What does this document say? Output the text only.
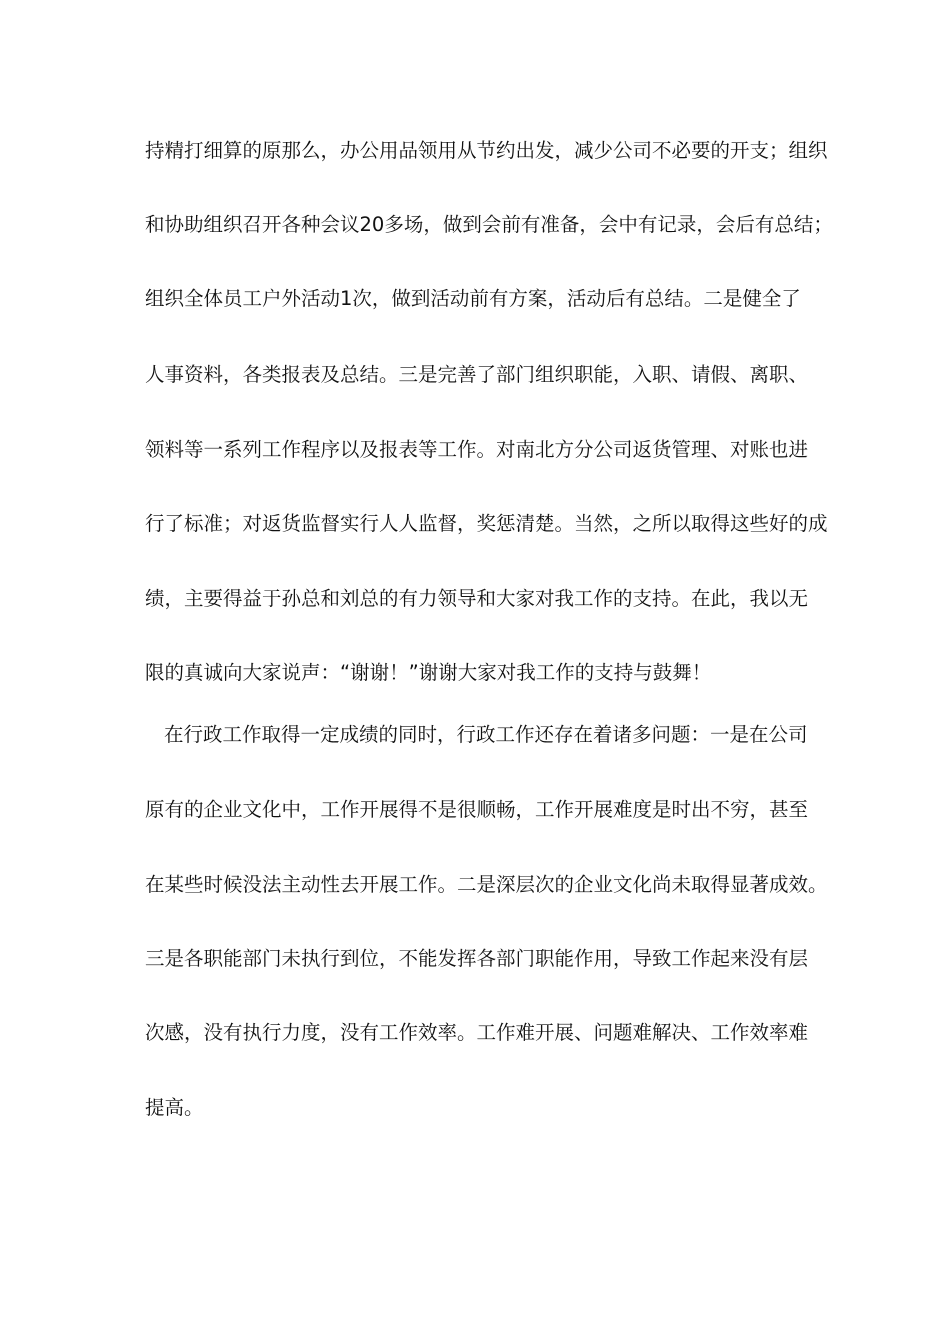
持精打细算的原那么，办公用品领用从节约出发，减少公司不必要的开支；组织
和协助组织召开各种会议20多场，做到会前有准备，会中有记录，会后有总结；
组织全体员工户外活动1次，做到活动前有方案，活动后有总结。二是健全了
人事资料，各类报表及总结。三是完善了部门组织职能，入职、请假、离职、
领料等一系列工作程序以及报表等工作。对南北方分公司返货管理、对账也进
行了标准；对返货监督实行人人监督，奖惩清楚。当然，之所以取得这些好的成
绩，主要得益于孙总和刘总的有力领导和大家对我工作的支持。在此，我以无
限的真诚向大家说声：“谢谢！”谢谢大家对我工作的支持与鼓舞！
在行政工作取得一定成绩的同时，行政工作还存在着诸多问题：一是在公司
原有的企业文化中，工作开展得不是很顺畅，工作开展难度是时出不穷，甚至
在某些时候没法主动性去开展工作。二是深层次的企业文化尚未取得显著成效。
三是各职能部门未执行到位，不能发挥各部门职能作用，导致工作起来没有层
次感，没有执行力度，没有工作效率。工作难开展、问题难解决、工作效率难
提高。
